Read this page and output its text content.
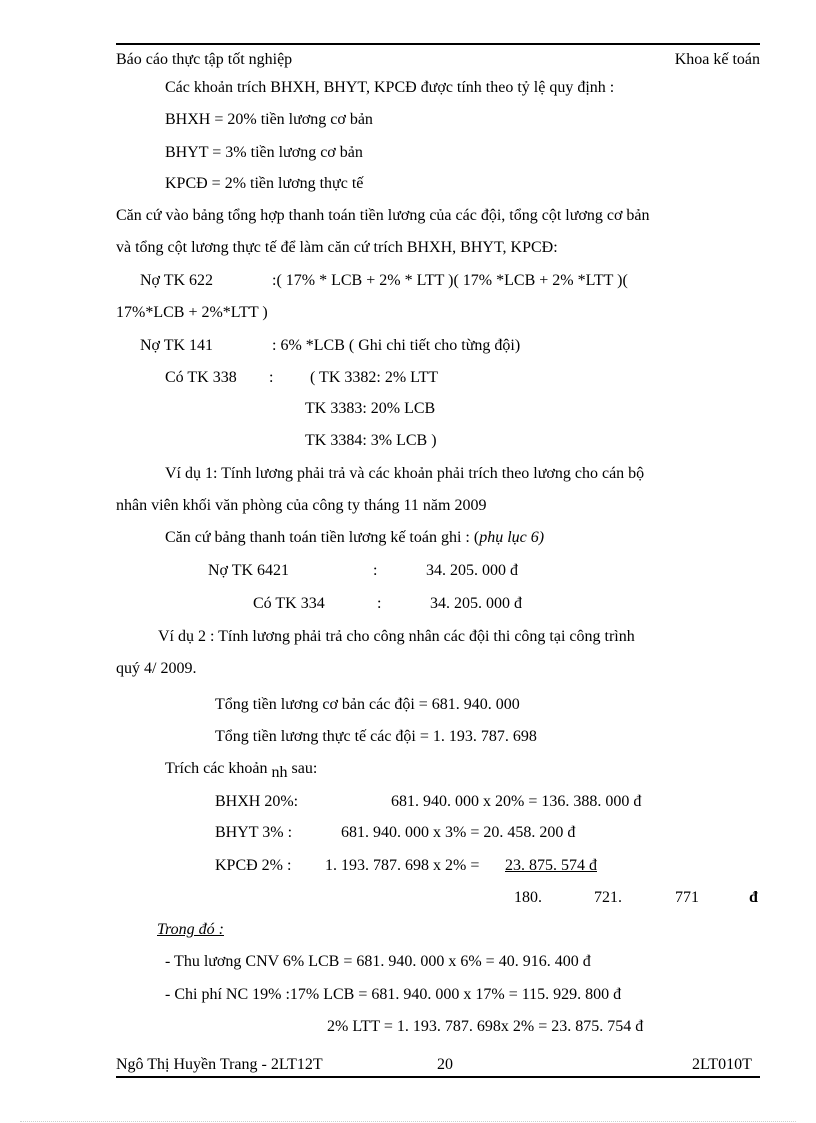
Báo cáo thực tập tốt nghiệp	Khoa kế toán
Các khoản trích BHXH, BHYT, KPCĐ được tính theo tỷ lệ quy định :
BHXH = 20% tiền lương cơ bản
BHYT = 3% tiền lương cơ bản
KPCĐ = 2% tiền lương thực tế
Căn cứ vào bảng tổng hợp thanh toán tiền lương của các đội, tổng cột lương cơ bản
và tổng cột lương thực tế để làm căn cứ trích BHXH, BHYT, KPCĐ:
Nợ TK 622	:( 17% * LCB + 2% * LTT )( 17% *LCB + 2% *LTT )(
17%*LCB + 2%*LTT )
Nợ TK 141	: 6% *LCB ( Ghi chi tiết cho từng đội)
Có TK 338 : ( TK 3382: 2% LTT
TK 3383: 20% LCB
TK 3384: 3% LCB )
Ví dụ 1: Tính lương phải trả và các khoản phải trích theo lương cho cán bộ
nhân viên khối văn phòng của công ty tháng 11 năm 2009
Căn cứ bảng thanh toán tiền lương kế toán ghi : (phụ lục 6)
Nợ TK 6421	:	34. 205. 000 đ
Có TK 334	:	34. 205. 000 đ
Ví dụ 2 : Tính lương phải trả cho công nhân các đội thi công tại công trình
quý 4/ 2009.
Tổng tiền lương cơ bản các đội = 681. 940. 000
Tổng tiền lương thực tế các đội = 1. 193. 787. 698
Trích các khoản nh sau:
BHXH 20%:	681. 940. 000 x 20% = 136. 388. 000 đ
BHYT 3% :	681. 940. 000 x 3% = 20. 458. 200 đ
KPCĐ 2% : 1. 193. 787. 698 x 2% = 23. 875. 574 đ
180.	721.	771	đ
Trong đó :
- Thu lương CNV 6% LCB = 681. 940. 000 x 6% = 40. 916. 400 đ
- Chi phí NC 19% :17% LCB = 681. 940. 000 x 17% = 115. 929. 800 đ
2% LTT = 1. 193. 787. 698x 2% = 23. 875. 754 đ
Ngô Thị Huyền Trang - 2LT12T	20	2LT010T
